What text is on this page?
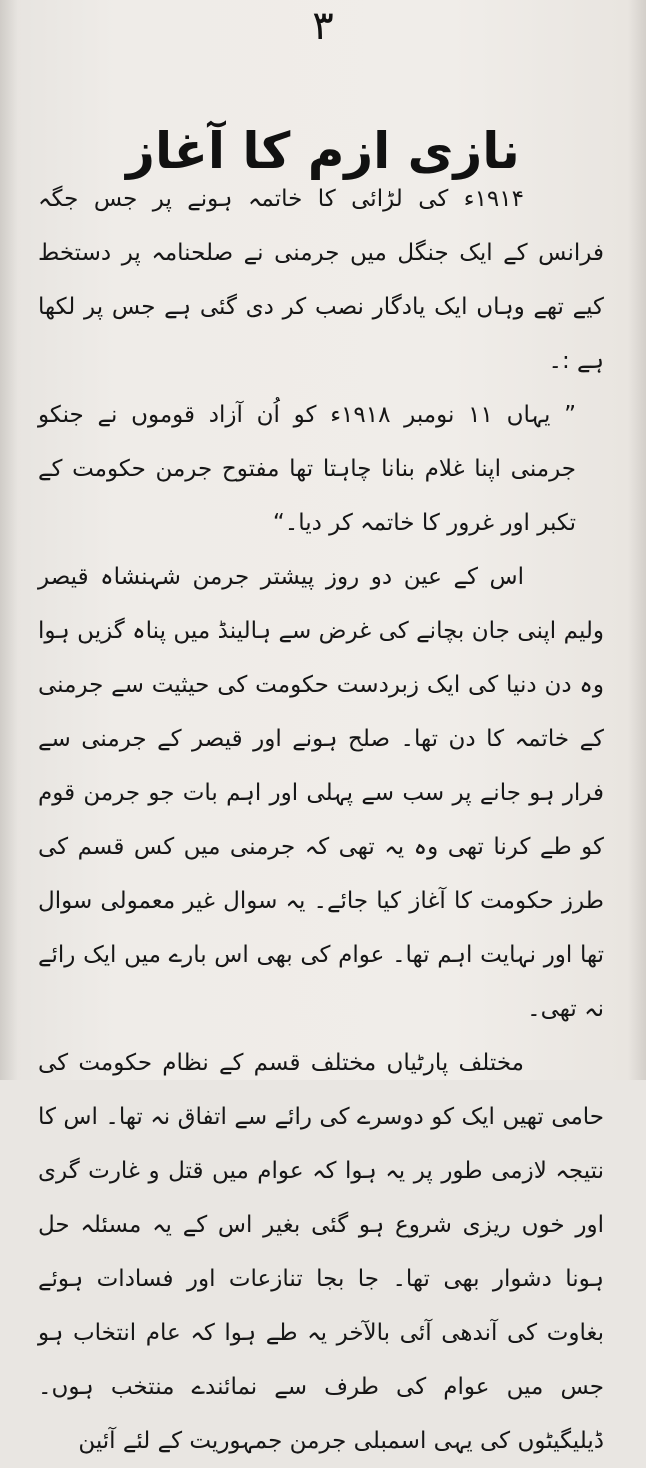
٣
نازی ازم کا آغاز

۱۹۱۴ء کی لڑائی کا خاتمہ ہونے پر جس جگہ فرانس کے ایک جنگل میں جرمنی نے صلحنامہ پر دستخط کیے تھے وہاں ایک یادگار نصب کر دی گئی ہے جس پر لکھا ہے :۔

” یہاں ۱۱ نومبر ۱۹۱۸ء کو اُن آزاد قوموں نے جنکو جرمنی اپنا غلام بنانا چاہتا تھا مفتوح جرمن حکومت کے تکبر اور غرور کا خاتمہ کر دیا۔“

اس کے عین دو روز پیشتر جرمن شہنشاہ قیصر ولیم اپنی جان بچانے کی غرض سے ہالینڈ میں پناہ گزیں ہوا وہ دن دنیا کی ایک زبردست حکومت کی حیثیت سے جرمنی کے خاتمہ کا دن تھا۔ صلح ہونے اور قیصر کے جرمنی سے فرار ہو جانے پر سب سے پہلی اور اہم بات جو جرمن قوم کو طے کرنا تھی وہ یہ تھی کہ جرمنی میں کس قسم کی طرز حکومت کا آغاز کیا جائے۔ یہ سوال غیر معمولی سوال تھا اور نہایت اہم تھا۔ عوام کی بھی اس بارے میں ایک رائے نہ تھی۔

مختلف پارٹیاں مختلف قسم کے نظام حکومت کی حامی تھیں ایک کو دوسرے کی رائے سے اتفاق نہ تھا۔ اس کا نتیجہ لازمی طور پر یہ ہوا کہ عوام میں قتل و غارت گری اور خوں ریزی شروع ہو گئی بغیر اس کے یہ مسئلہ حل ہونا دشوار بھی تھا۔ جا بجا تنازعات اور فسادات ہوئے بغاوت کی آندھی آئی بالآخر یہ طے ہوا کہ عام انتخاب ہو جس میں عوام کی طرف سے نمائندے منتخب ہوں۔ ڈیلیگیٹوں کی یہی اسمبلی جرمن جمہوریت کے لئے آئین
